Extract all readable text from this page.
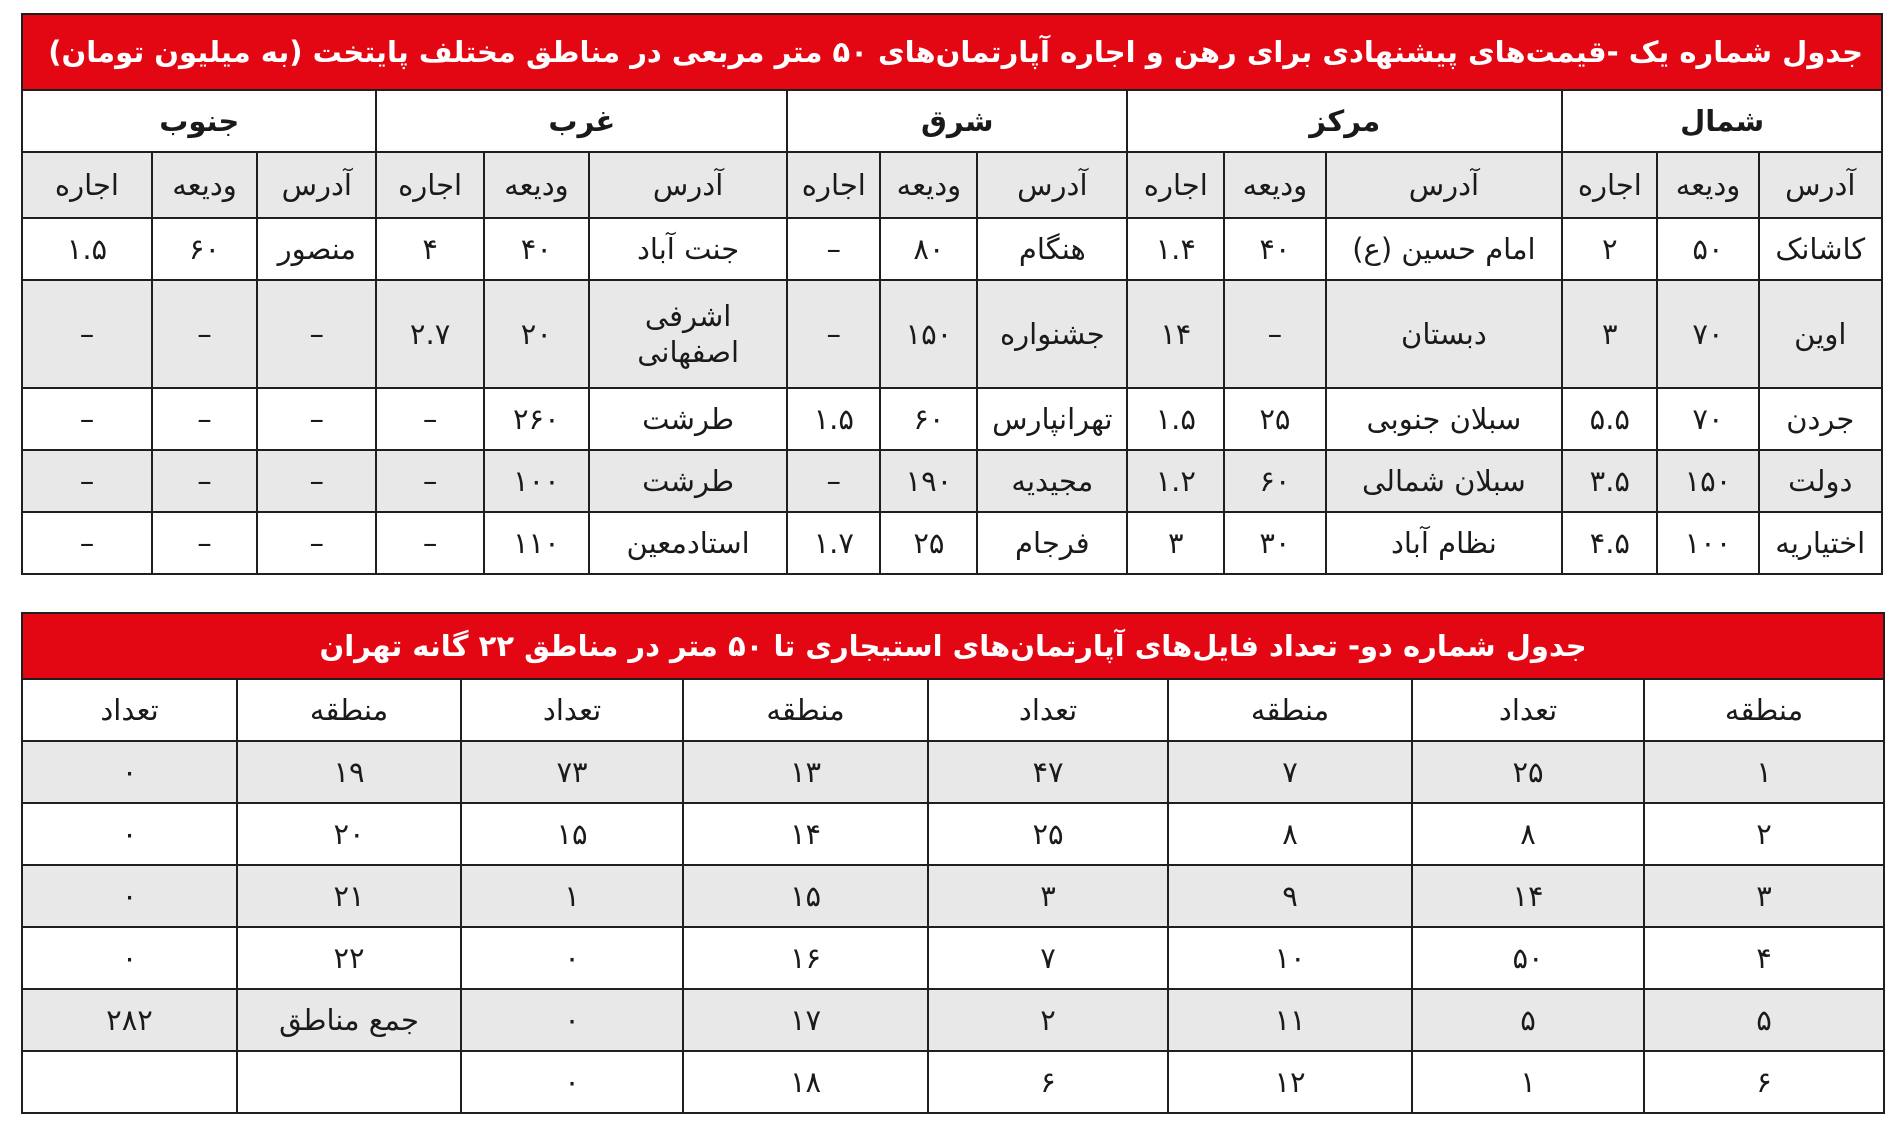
جدول شماره یک -قیمت‌های پیشنهادی برای رهن و اجاره آپارتمان‌های ۵۰ متر مربعی در مناطق مختلف پایتخت (به میلیون تومان)														
شمال			مرکز			شرق			غرب			جنوب		
آدرس	ودیعه	اجاره	آدرس	ودیعه	اجاره	آدرس	ودیعه	اجاره	آدرس	ودیعه	اجاره	آدرس	ودیعه	اجاره
کاشانک	۵۰	۲	امام حسین (ع)	۴۰	۱.۴	هنگام	۸۰	–	جنت آباد	۴۰	۴	منصور	۶۰	۱.۵
اوین	۷۰	۳	دبستان	–	۱۴	جشنواره	۱۵۰	–	اشرفی اصفهانی	۲۰	۲.۷	–	–	–
جردن	۷۰	۵.۵	سبلان جنوبی	۲۵	۱.۵	تهرانپارس	۶۰	۱.۵	طرشت	۲۶۰	–	–	–	–
دولت	۱۵۰	۳.۵	سبلان شمالی	۶۰	۱.۲	مجیدیه	۱۹۰	–	طرشت	۱۰۰	–	–	–	–
اختیاریه	۱۰۰	۴.۵	نظام آباد	۳۰	۳	فرجام	۲۵	۱.۷	استادمعین	۱۱۰	–	–	–	–
جدول شماره دو- تعداد فایل‌های آپارتمان‌های استیجاری تا ۵۰ متر در مناطق ۲۲ گانه تهران							
منطقه	تعداد	منطقه	تعداد	منطقه	تعداد	منطقه	تعداد
۱	۲۵	۷	۴۷	۱۳	۷۳	۱۹	۰
۲	۸	۸	۲۵	۱۴	۱۵	۲۰	۰
۳	۱۴	۹	۳	۱۵	۱	۲۱	۰
۴	۵۰	۱۰	۷	۱۶	۰	۲۲	۰
۵	۵	۱۱	۲	۱۷	۰	جمع مناطق	۲۸۲
۶	۱	۱۲	۶	۱۸	۰		
